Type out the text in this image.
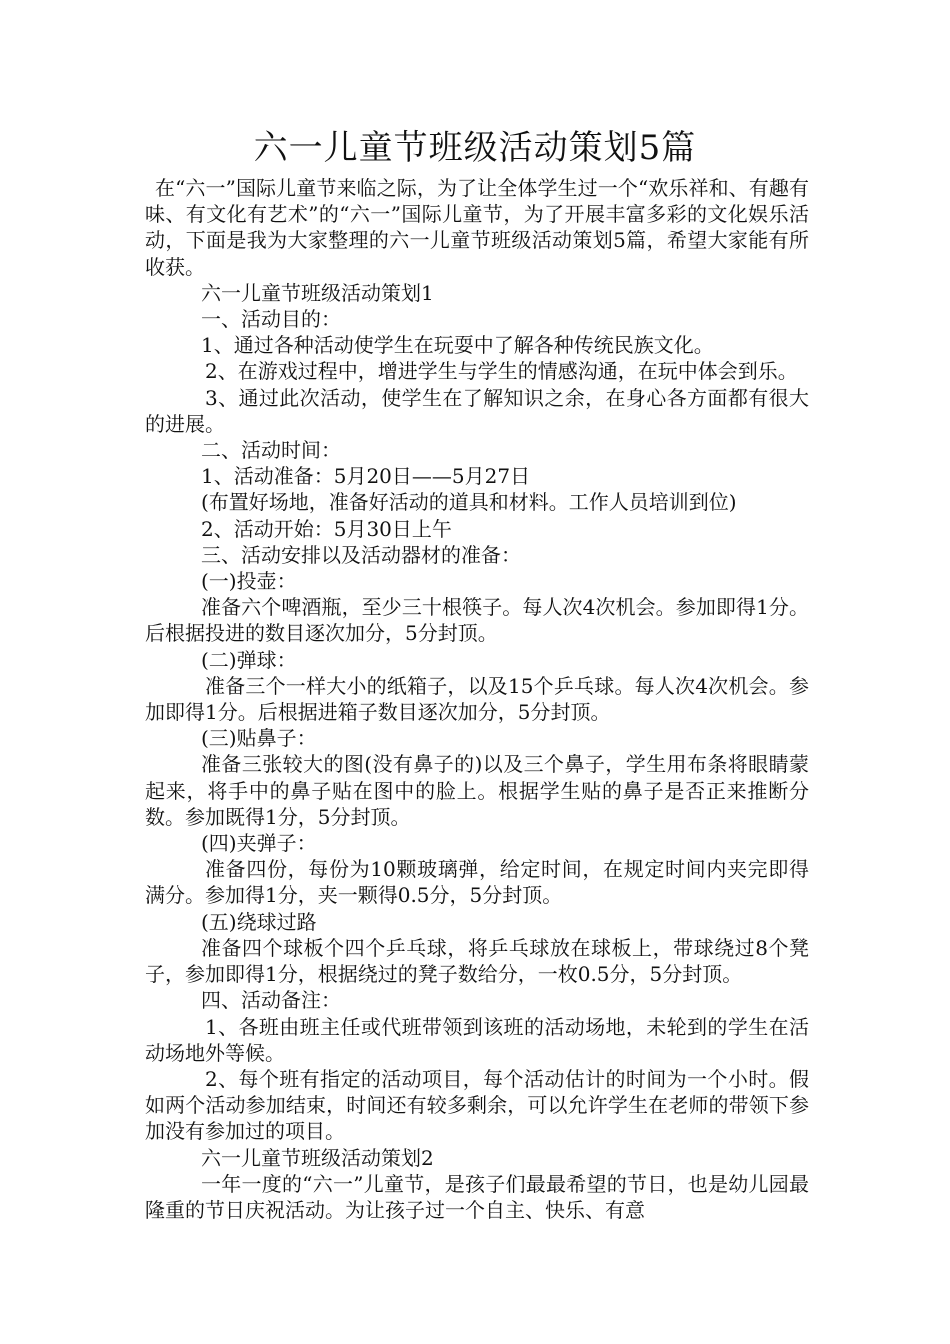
六一儿童节班级活动策划5篇

在“六一”国际儿童节来临之际，为了让全体学生过一个“欢乐祥和、有趣有味、有文化有艺术”的“六一”国际儿童节，为了开展丰富多彩的文化娱乐活动，下面是我为大家整理的六一儿童节班级活动策划5篇，希望大家能有所收获。

六一儿童节班级活动策划1

一、活动目的：

1、通过各种活动使学生在玩耍中了解各种传统民族文化。

2、在游戏过程中，增进学生与学生的情感沟通，在玩中体会到乐。

3、通过此次活动，使学生在了解知识之余，在身心各方面都有很大的进展。

二、活动时间：

1、活动准备：5月20日——5月27日

(布置好场地，准备好活动的道具和材料。工作人员培训到位)

2、活动开始：5月30日上午

三、活动安排以及活动器材的准备：

(一)投壶：

准备六个啤酒瓶，至少三十根筷子。每人次4次机会。参加即得1分。后根据投进的数目逐次加分，5分封顶。

(二)弹球：

准备三个一样大小的纸箱子，以及15个乒乓球。每人次4次机会。参加即得1分。后根据进箱子数目逐次加分，5分封顶。

(三)贴鼻子：

准备三张较大的图(没有鼻子的)以及三个鼻子，学生用布条将眼睛蒙起来，将手中的鼻子贴在图中的脸上。根据学生贴的鼻子是否正来推断分数。参加既得1分，5分封顶。

(四)夹弹子：

准备四份，每份为10颗玻璃弹，给定时间，在规定时间内夹完即得满分。参加得1分，夹一颗得0.5分，5分封顶。

(五)绕球过路

准备四个球板个四个乒乓球，将乒乓球放在球板上，带球绕过8个凳子，参加即得1分，根据绕过的凳子数给分，一枚0.5分，5分封顶。

四、活动备注：

1、各班由班主任或代班带领到该班的活动场地，未轮到的学生在活动场地外等候。

2、每个班有指定的活动项目，每个活动估计的时间为一个小时。假如两个活动参加结束，时间还有较多剩余，可以允许学生在老师的带领下参加没有参加过的项目。

六一儿童节班级活动策划2

一年一度的“六一”儿童节，是孩子们最最希望的节日，也是幼儿园最隆重的节日庆祝活动。为让孩子过一个自主、快乐、有意
